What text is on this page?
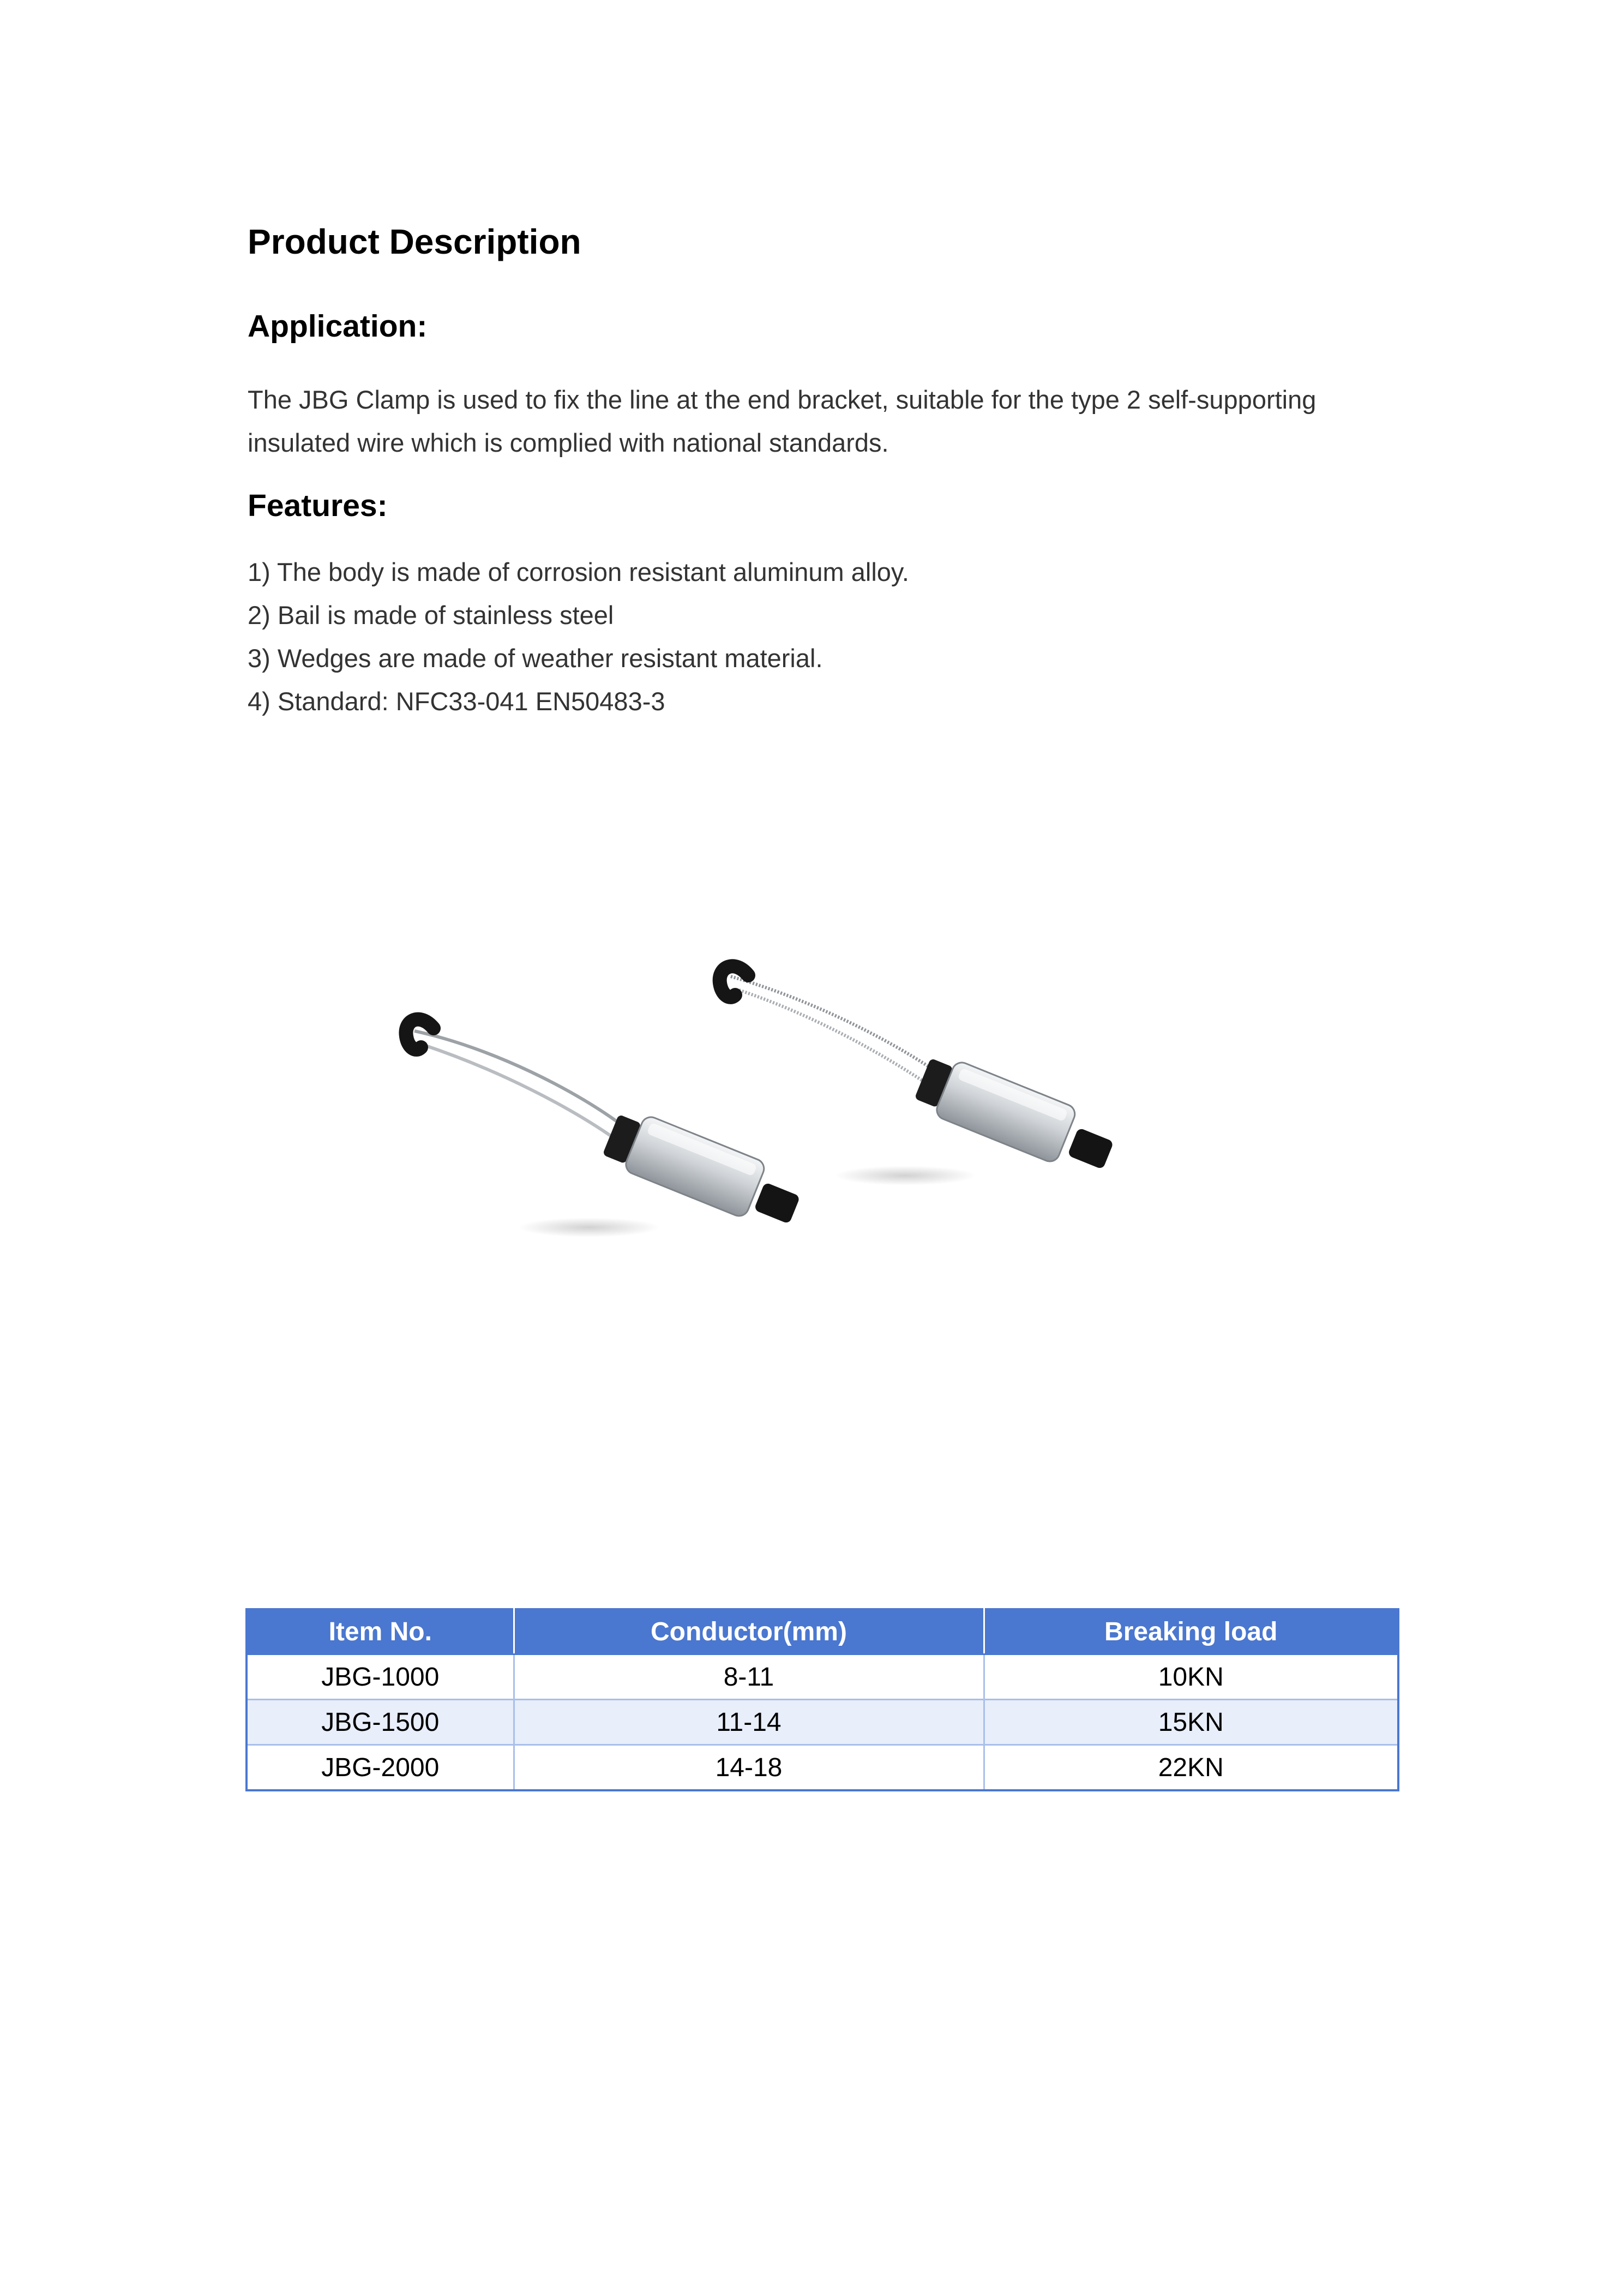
Product Description
Application:

The JBG Clamp is used to fix the line at the end bracket, suitable for the type 2 self-supporting insulated wire which is complied with national standards.

Features:
1) The body is made of corrosion resistant aluminum alloy.
2) Bail is made of stainless steel
3) Wedges are made of weather resistant material.
4) Standard: NFC33-041 EN50483-3
Item No.	Conductor(mm)	Breaking load
JBG-1000	8-11	10KN
JBG-1500	11-14	15KN
JBG-2000	14-18	22KN
